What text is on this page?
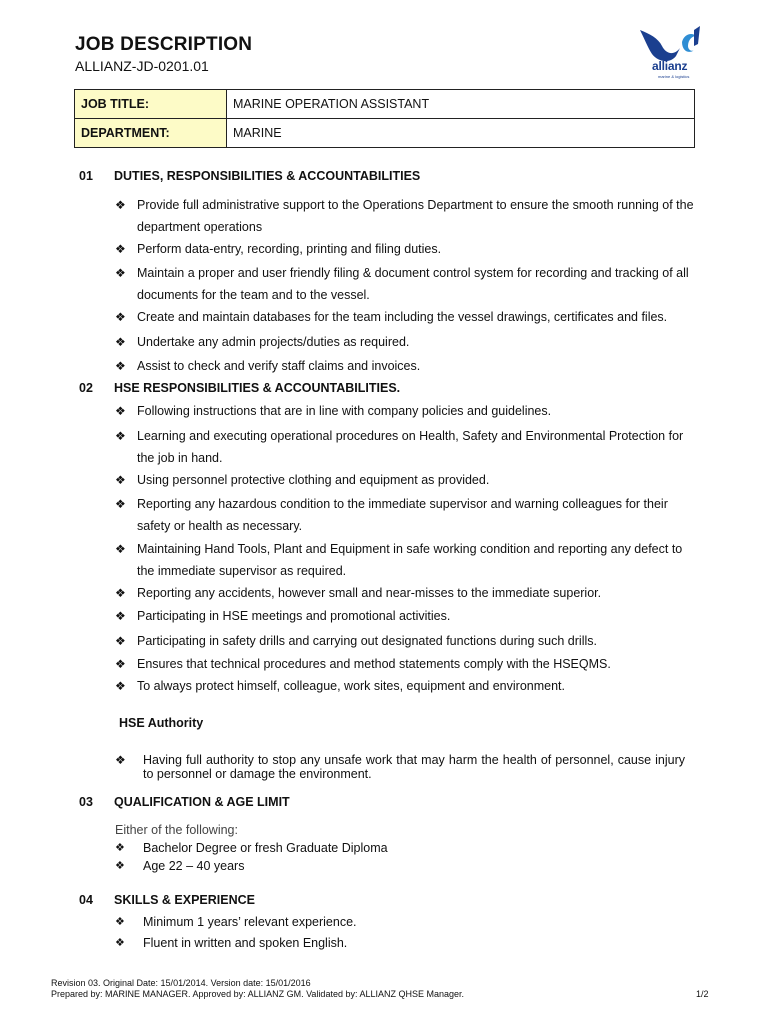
JOB DESCRIPTION
ALLIANZ-JD-0201.01	allianz
marine & logistics
JOB TITLE:	MARINE OPERATION ASSISTANT
DEPARTMENT:	MARINE
01 DUTIES, RESPONSIBILITIES & ACCOUNTABILITIES
❖ Provide full administrative support to the Operations Department to ensure the smooth running of the department operations
❖ Perform data-entry, recording, printing and filing duties.
❖ Maintain a proper and user friendly filing & document control system for recording and tracking of all documents for the team and to the vessel.
❖ Create and maintain databases for the team including the vessel drawings, certificates and files.
❖ Undertake any admin projects/duties as required.
❖ Assist to check and verify staff claims and invoices.
02 HSE RESPONSIBILITIES & ACCOUNTABILITIES.
❖ Following instructions that are in line with company policies and guidelines.
❖ Learning and executing operational procedures on Health, Safety and Environmental Protection for the job in hand.
❖ Using personnel protective clothing and equipment as provided.
❖ Reporting any hazardous condition to the immediate supervisor and warning colleagues for their safety or health as necessary.
❖ Maintaining Hand Tools, Plant and Equipment in safe working condition and reporting any defect to the immediate supervisor as required.
❖ Reporting any accidents, however small and near-misses to the immediate superior.
❖ Participating in HSE meetings and promotional activities.
❖ Participating in safety drills and carrying out designated functions during such drills.
❖ Ensures that technical procedures and method statements comply with the HSEQMS.
❖ To always protect himself, colleague, work sites, equipment and environment.
HSE Authority
❖	Having full authority to stop any unsafe work that may harm the health of personnel, cause injury to personnel or damage the environment.
03 QUALIFICATION & AGE LIMIT
Either of the following:
❖	Bachelor Degree or fresh Graduate Diploma
❖	Age 22 – 40 years
04 SKILLS & EXPERIENCE
❖	Minimum 1 years’ relevant experience.
❖	Fluent in written and spoken English.
Revision 03. Original Date: 15/01/2014. Version date: 15/01/2016
Prepared by: MARINE MANAGER. Approved by: ALLIANZ GM. Validated by: ALLIANZ QHSE Manager.	1/2
